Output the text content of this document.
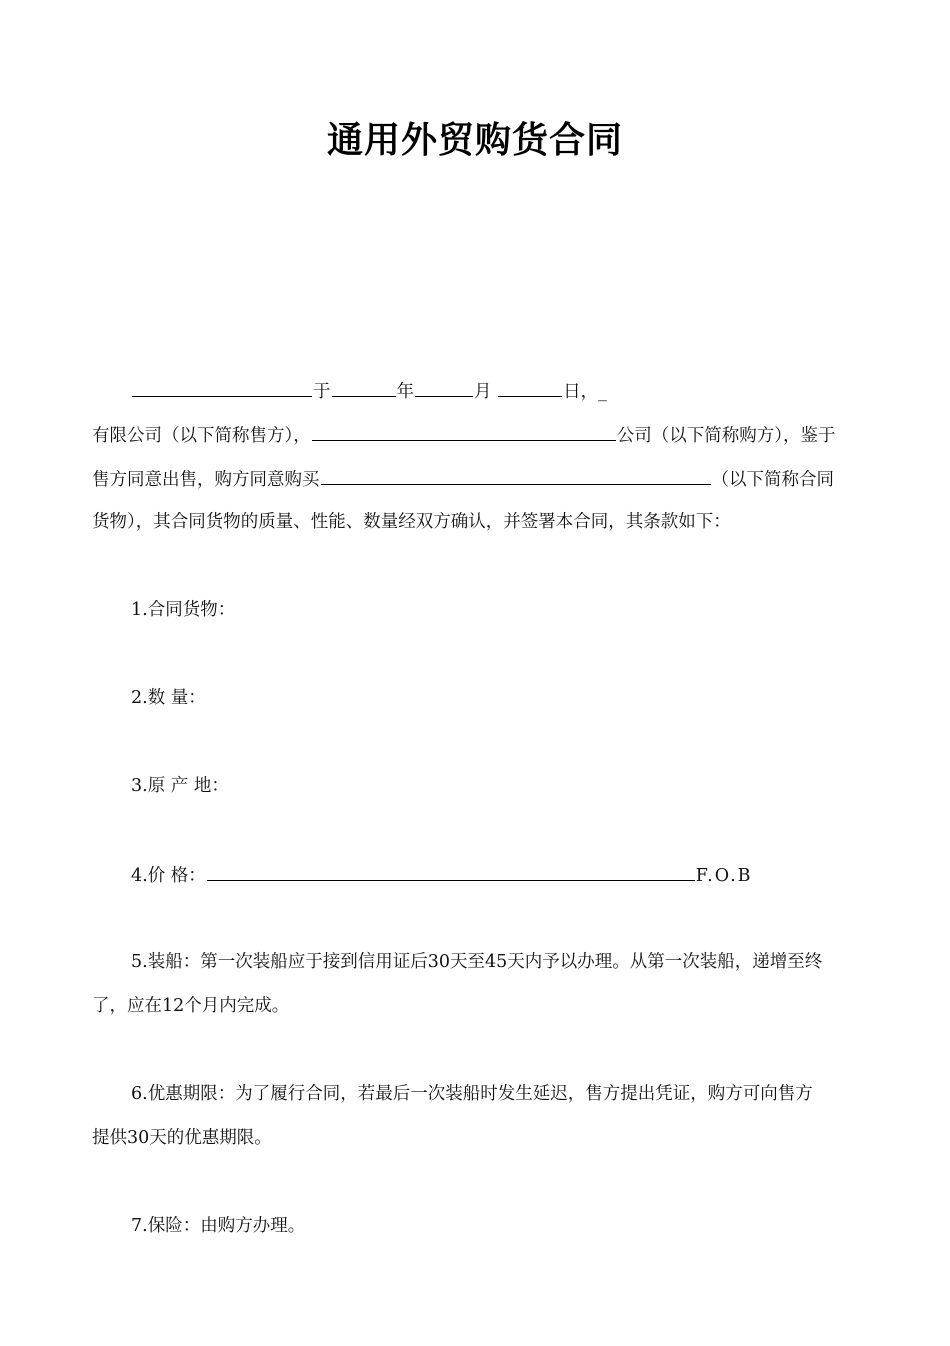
通用外贸购货合同
于	年	月	日，_
有限公司（以下简称售方），	公司（以下简称购方），鉴于
售方同意出售，购方同意购买	（以下简称合同
货物），其合同货物的质量、性能、数量经双方确认，并签署本合同，其条款如下：
1.合同货物：
2.数 量：
3.原 产 地：
4.价 格：	F.O.B
5.装船：第一次装船应于接到信用证后30天至45天内予以办理。从第一次装船，递增至终
了，应在12个月内完成。
6.优惠期限：为了履行合同，若最后一次装船时发生延迟，售方提出凭证，购方可向售方
提供30天的优惠期限。
7.保险：由购方办理。
